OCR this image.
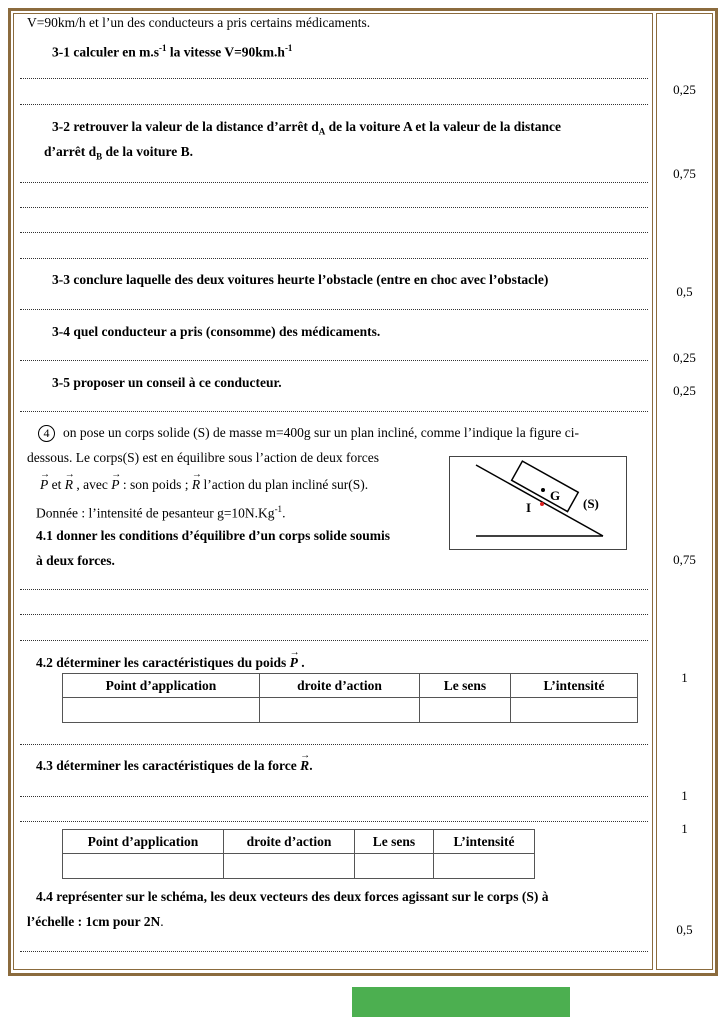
V=90km/h et l’un des conducteurs a pris certains médicaments.
3-1 calculer en $m.s^{-1}$ la vitesse $V=90km.h^{-1}$
3-2 retrouver la valeur de la distance d’arrêt $d_A$ de la voiture A et la valeur de la distance
d’arrêt $d_B$ de la voiture B.
3-3 conclure laquelle des deux voitures heurte l’obstacle (entre en choc avec l’obstacle)
3-4 quel conducteur a pris (consomme) des médicaments.
3-5 proposer un conseil à ce conducteur.
4 on pose un corps solide (S) de masse m=400g sur un plan incliné, comme l’indique la figure ci-
dessous. Le corps(S) est en équilibre sous l’action de deux forces
→ P et → R , avec → P : son poids ; → R l’action du plan incliné sur(S).
Donnée : l’intensité de pesanteur $g=10N.Kg^{-1}$.
4.1 donner les conditions d’équilibre d’un corps solide soumis
à deux forces.
G
I	(S)
4.2 déterminer les caractéristiques du poids → P .
Point d’application	droite d’action	Le sens	L’intensité

4.3 déterminer les caractéristiques de la force → R.
Point d’application	droite d’action	Le sens	L’intensité

4.4 représenter sur le schéma, les deux vecteurs des deux forces agissant sur le corps (S) à
l’échelle : 1cm pour 2N.
0,25
0,75
0,5
0,25
0,25
0,75
1
1
1
0,5
